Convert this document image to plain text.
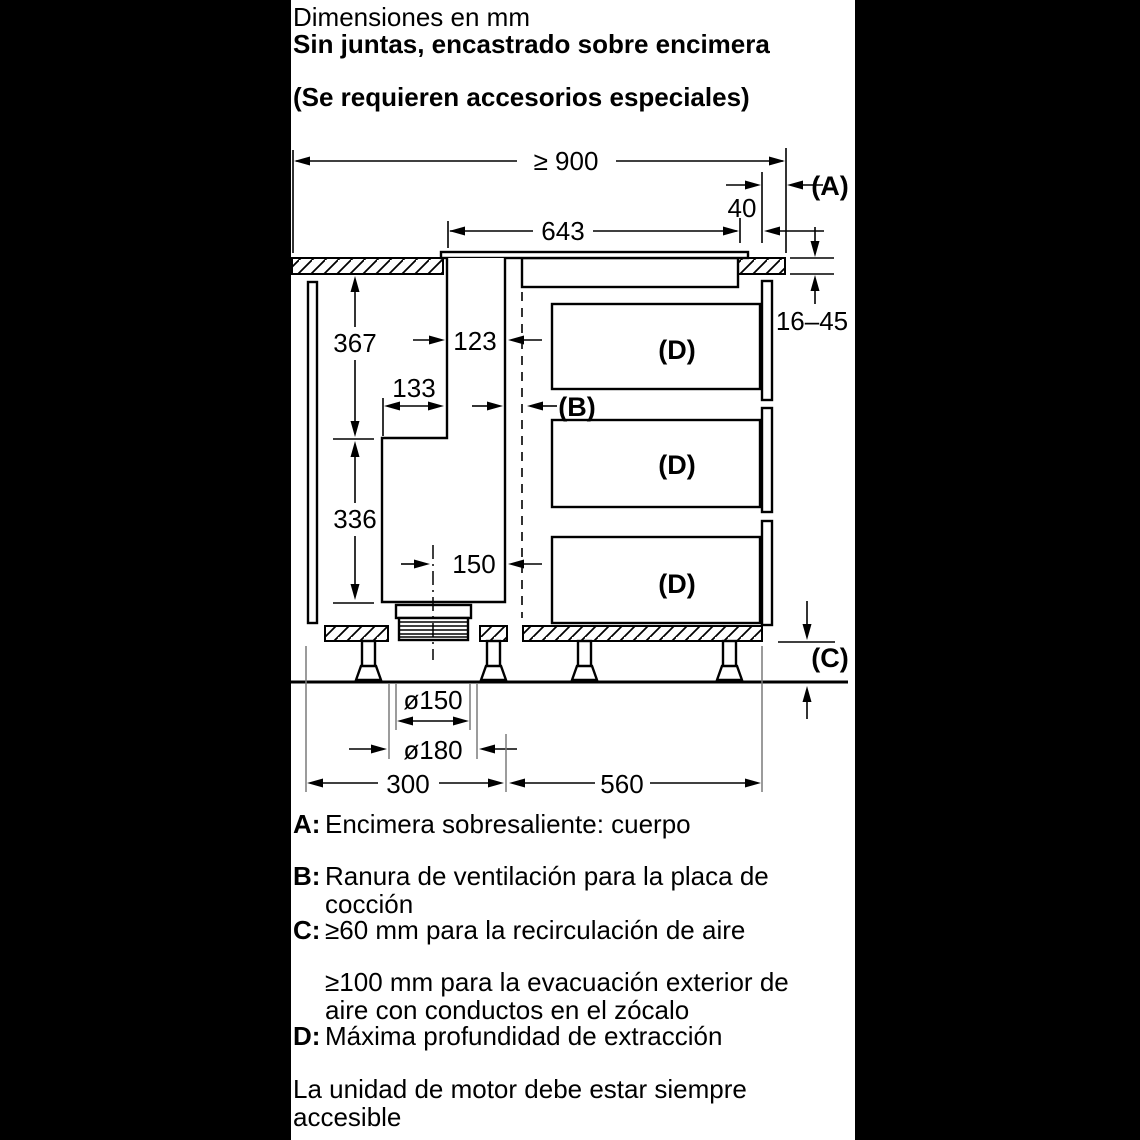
Dimensiones en mm
Sin juntas, encastrado sobre encimera
(Se requieren accesorios especiales)
(D)
(D)
(D)
≥ 900
(A)
40
643
16–45
367	123
133
(B)
336
150
(C)
ø150
ø180
300	560
A: Encimera sobresaliente: cuerpo
B: Ranura de ventilación para la placa de
cocción
C: ≥60 mm para la recirculación de aire
≥100 mm para la evacuación exterior de
aire con conductos en el zócalo
D: Máxima profundidad de extracción
La unidad de motor debe estar siempre
accesible
